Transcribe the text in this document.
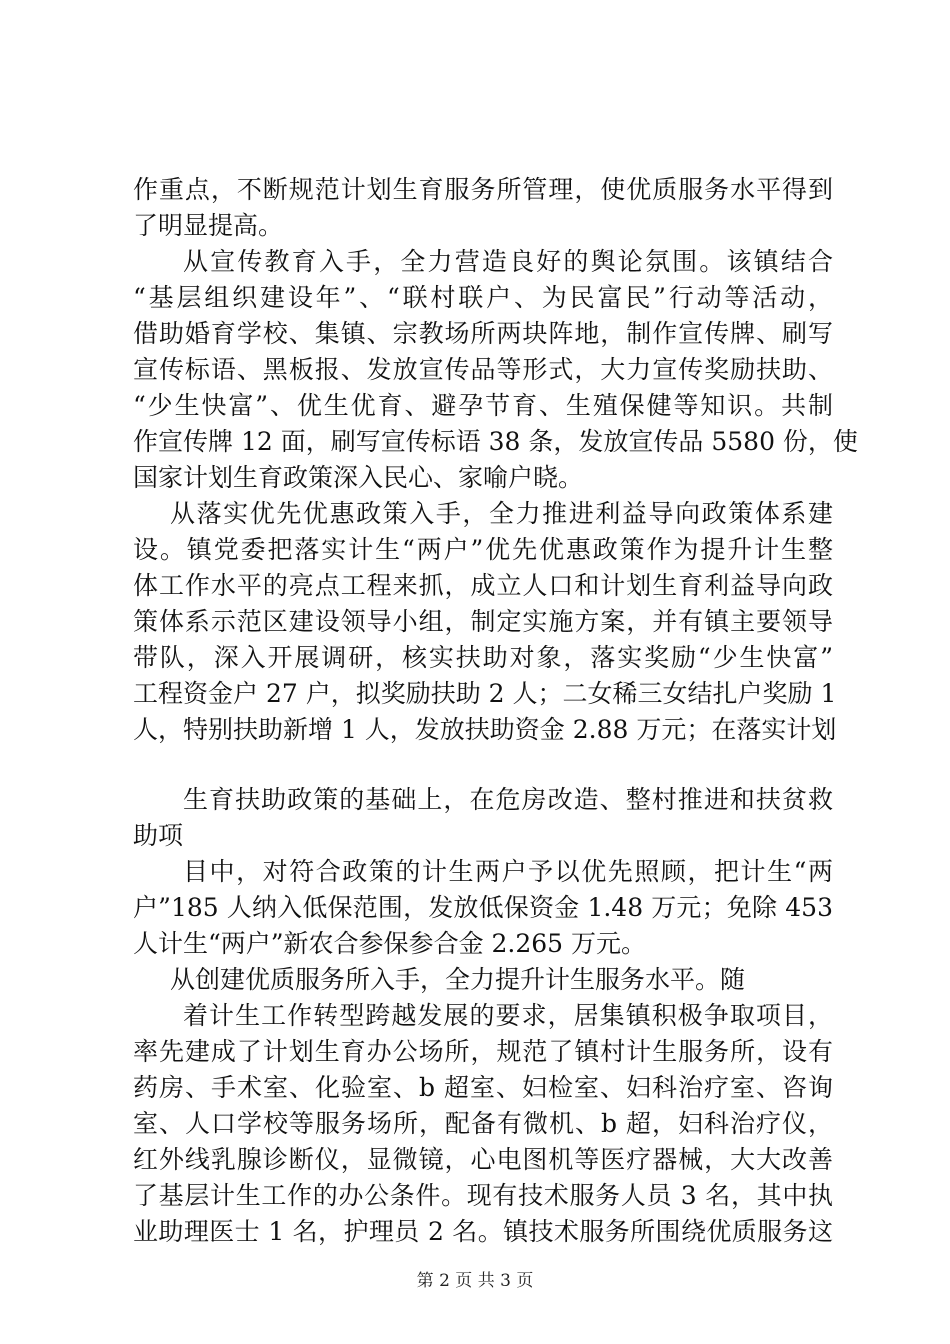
作重点，不断规范计划生育服务所管理，使优质服务水平得到
了明显提高。
从宣传教育入手，全力营造良好的舆论氛围。该镇结合
“基层组织建设年”、“联村联户、为民富民”行动等活动，
借助婚育学校、集镇、宗教场所两块阵地，制作宣传牌、刷写
宣传标语、黑板报、发放宣传品等形式，大力宣传奖励扶助、
“少生快富”、优生优育、避孕节育、生殖保健等知识。共制
作宣传牌 12 面，刷写宣传标语 38 条，发放宣传品 5580 份，使
国家计划生育政策深入民心、家喻户晓。
从落实优先优惠政策入手，全力推进利益导向政策体系建
设。镇党委把落实计生“两户”优先优惠政策作为提升计生整
体工作水平的亮点工程来抓，成立人口和计划生育利益导向政
策体系示范区建设领导小组，制定实施方案，并有镇主要领导
带队，深入开展调研，核实扶助对象，落实奖励“少生快富”
工程资金户 27 户，拟奖励扶助 2 人；二女稀三女结扎户奖励 1
人，特别扶助新增 1 人，发放扶助资金 2.88 万元；在落实计划
生育扶助政策的基础上，在危房改造、整村推进和扶贫救
助项
目中，对符合政策的计生两户予以优先照顾，把计生“两
户”185 人纳入低保范围，发放低保资金 1.48 万元；免除 453
人计生“两户”新农合参保参合金 2.265 万元。
从创建优质服务所入手，全力提升计生服务水平。随
着计生工作转型跨越发展的要求，居集镇积极争取项目，
率先建成了计划生育办公场所，规范了镇村计生服务所，设有
药房、手术室、化验室、b 超室、妇检室、妇科治疗室、咨询
室、人口学校等服务场所，配备有微机、b 超，妇科治疗仪，
红外线乳腺诊断仪，显微镜，心电图机等医疗器械，大大改善
了基层计生工作的办公条件。现有技术服务人员 3 名，其中执
业助理医士 1 名，护理员 2 名。镇技术服务所围绕优质服务这
第 2 页 共 3 页
